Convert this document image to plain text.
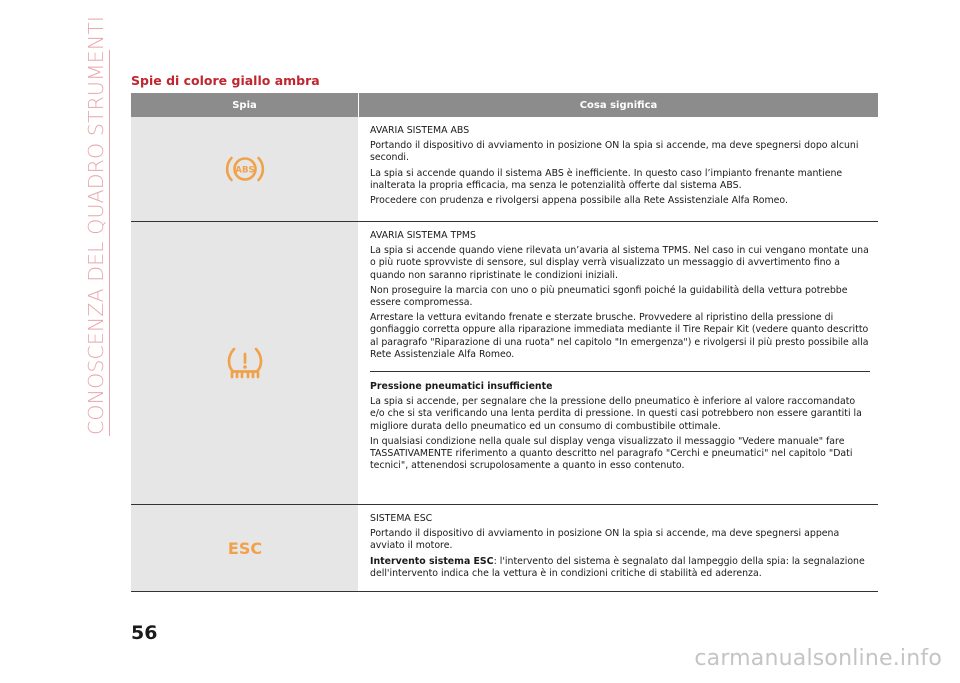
CONOSCENZA DEL QUADRO STRUMENTI Spie di colore giallo ambra
Spia	Cosa significa
ABS

AVARIA SISTEMA ABS

Portando il dispositivo di avviamento in posizione ON la spia si accende, ma deve spegnersi dopo alcuni secondi.

La spia si accende quando il sistema ABS è inefficiente. In questo caso l’impianto frenante mantiene inalterata la propria efficacia, ma senza le potenzialità offerte dal sistema ABS.

Procedere con prudenza e rivolgersi appena possibile alla Rete Assistenziale Alfa Romeo.

AVARIA SISTEMA TPMS

La spia si accende quando viene rilevata un’avaria al sistema TPMS. Nel caso in cui vengano montate una o più ruote sprovviste di sensore, sul display verrà visualizzato un messaggio di avvertimento fino a quando non saranno ripristinate le condizioni iniziali.

Non proseguire la marcia con uno o più pneumatici sgonfi poiché la guidabilità della vettura potrebbe essere compromessa.

Arrestare la vettura evitando frenate e sterzate brusche. Provvedere al ripristino della pressione di gonfiaggio corretta oppure alla riparazione immediata mediante il Tire Repair Kit (vedere quanto descritto al paragrafo "Riparazione di una ruota" nel capitolo "In emergenza") e rivolgersi il più presto possibile alla Rete Assistenziale Alfa Romeo.

Pressione pneumatici insufficiente

La spia si accende, per segnalare che la pressione dello pneumatico è inferiore al valore raccomandato e/o che si sta verificando una lenta perdita di pressione. In questi casi potrebbero non essere garantiti la migliore durata dello pneumatico ed un consumo di combustibile ottimale.

In qualsiasi condizione nella quale sul display venga visualizzato il messaggio "Vedere manuale" fare TASSATIVAMENTE riferimento a quanto descritto nel paragrafo "Cerchi e pneumatici" nel capitolo "Dati tecnici", attenendosi scrupolosamente a quanto in esso contenuto.

ESC

SISTEMA ESC

Portando il dispositivo di avviamento in posizione ON la spia si accende, ma deve spegnersi appena avviato il motore.

Intervento sistema ESC: l'intervento del sistema è segnalato dal lampeggio della spia: la segnalazione dell'intervento indica che la vettura è in condizioni critiche di stabilità ed aderenza.

56
carmanualsonline.info
